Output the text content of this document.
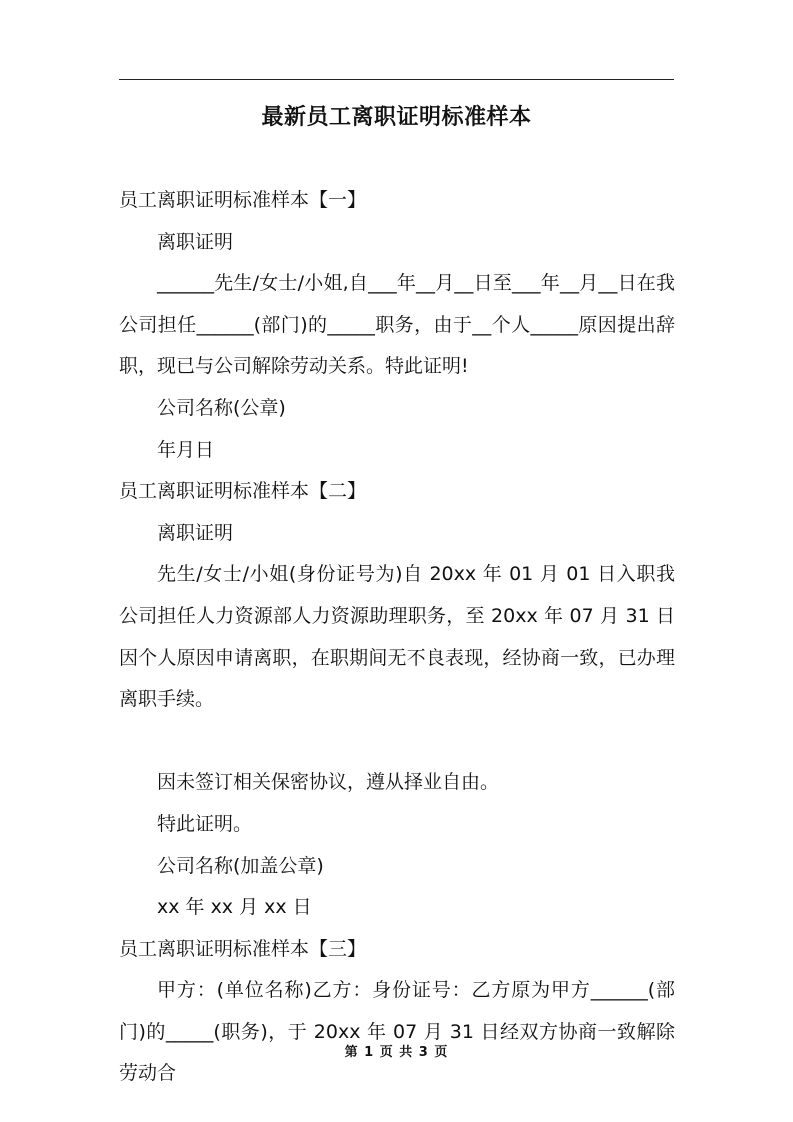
最新员工离职证明标准样本

员工离职证明标准样本【一】

离职证明

______先生/女士/小姐,自___年__月__日至___年__月__日在我公司担任______(部门)的_____职务，由于__个人_____原因提出辞职，现已与公司解除劳动关系。特此证明!

公司名称(公章)

年月日

员工离职证明标准样本【二】

离职证明

先生/女士/小姐(身份证号为)自 20xx 年 01 月 01 日入职我公司担任人力资源部人力资源助理职务，至 20xx 年 07 月 31 日因个人原因申请离职，在职期间无不良表现，经协商一致，已办理离职手续。

因未签订相关保密协议，遵从择业自由。

特此证明。

公司名称(加盖公章)

xx 年 xx 月 xx 日

员工离职证明标准样本【三】

甲方：(单位名称)乙方：身份证号：乙方原为甲方______(部门)的_____(职务)，于 20xx 年 07 月 31 日经双方协商一致解除劳动合

第 1 页 共 3 页
